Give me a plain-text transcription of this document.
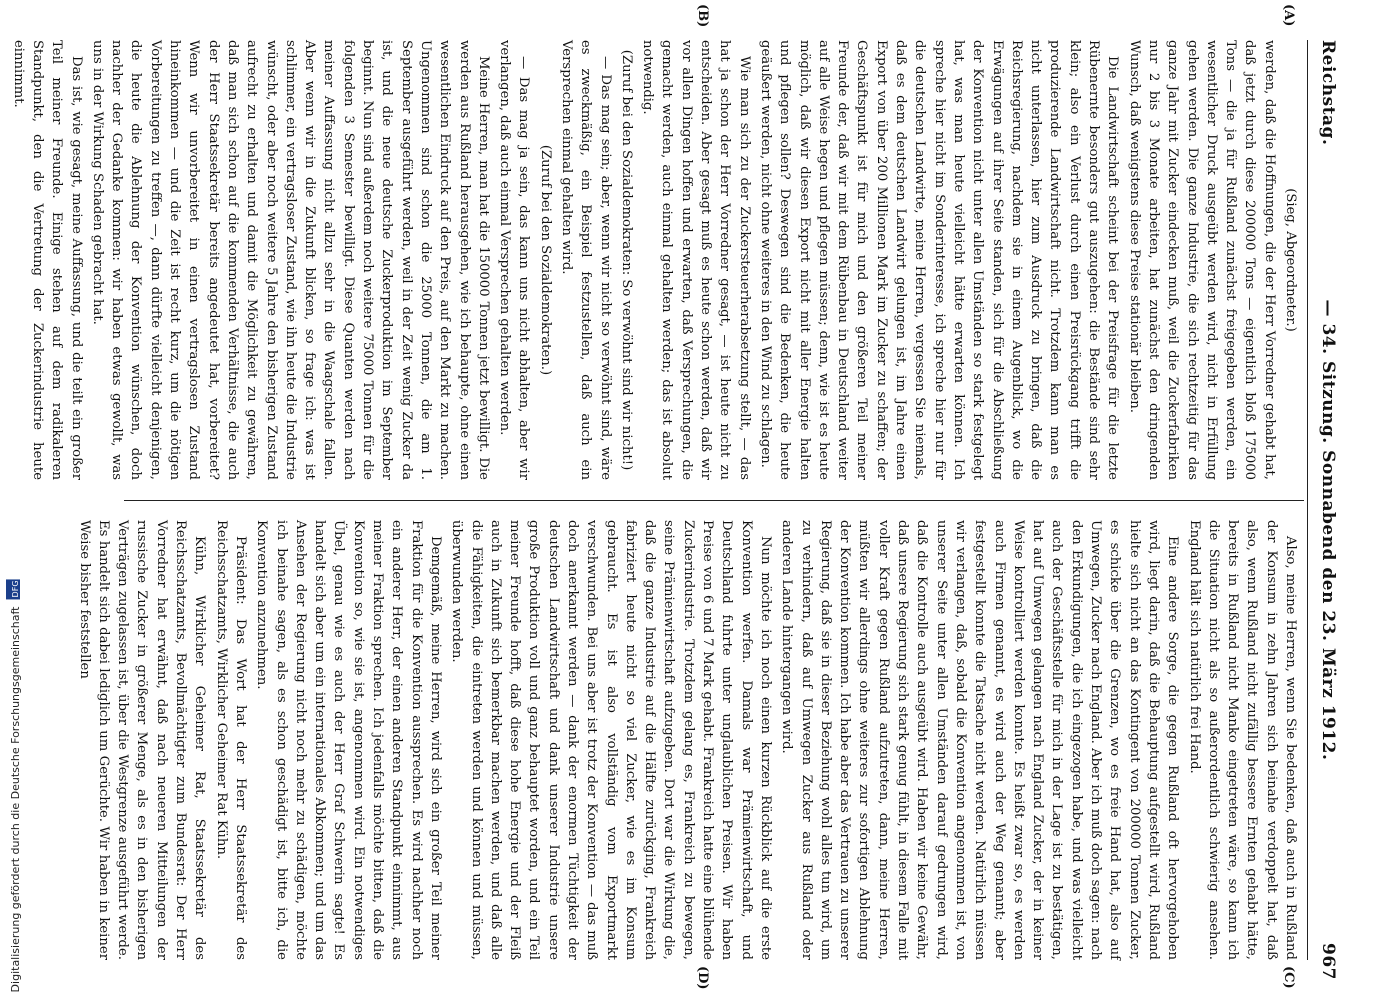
Reichstag.
— 34. Sitzung. Sonnabend den 23. März 1912.
967
(A)
(B)
(C)
(D)

(Sieg, Abgeordneter.)

werden, daß die Hoffnungen, die der Herr Vorredner gehabt hat, daß jetzt durch diese 200000 Tons — eigentlich bloß 175000 Tons — die ja für Rußland zunächst freigegeben werden, ein wesentlicher Druck ausgeübt werden wird, nicht in Erfüllung gehen werden. Die ganze Industrie, die sich rechtzeitig für das ganze Jahr mit Zucker eindecken muß, weil die Zuckerfabriken nur 2 bis 3 Monate arbeiten, hat zunächst den dringenden Wunsch, daß wenigstens diese Preise stationär bleiben.

Die Landwirtschaft scheint bei der Preisfrage für die letzte Rübenernte besonders gut auszugehen: die Bestände sind sehr klein; also ein Verlust durch einen Preisrückgang trifft die produzierende Landwirtschaft nicht. Trotzdem kann man es nicht unterlassen, hier zum Ausdruck zu bringen, daß die Reichsregierung, nachdem sie in einem Augenblick, wo die Erwägungen auf ihrer Seite standen, sich für die Abschließung der Konvention nicht unter allen Umständen so stark festgelegt hat, was man heute vielleicht hätte erwarten können. Ich spreche hier nicht im Sonderinteresse, ich spreche hier nur für die deutschen Landwirte, meine Herren, vergessen Sie niemals, daß es dem deutschen Landwirt gelungen ist, im Jahre einen Export von über 200 Millionen Mark im Zucker zu schaffen; der Geschäftspunkt ist für mich und den größeren Teil meiner Freunde der, daß wir mit dem Rübenbau in Deutschland weiter auf alle Weise hegen und pflegen müssen; denn, wie ist es heute möglich, daß wir diesen Export nicht mit aller Energie halten und pflegen sollen? Deswegen sind die Bedenken, die heute geäußert werden, nicht ohne weiteres in den Wind zu schlagen.

Wie man sich zu der Zuckersteuerherabsetzung stellt, — das hat ja schon der Herr Vorredner gesagt, — ist heute nicht zu entscheiden. Aber gesagt muß es heute schon werden, daß wir vor allen Dingen hoffen und erwarten, daß Versprechungen, die gemacht werden, auch einmal gehalten werden; das ist absolut notwendig.

(Zuruf bei den Sozialdemokraten: So verwöhnt sind wir nicht!)

— Das mag sein; aber, wenn wir nicht so verwöhnt sind, wäre es zweckmäßig, ein Beispiel festzustellen, daß auch ein Versprechen einmal gehalten wird.

(Zuruf bei den Sozialdemokraten.)

— Das mag ja sein, das kann uns nicht abhalten, aber wir verlangen, daß auch einmal Versprechen gehalten werden.

Meine Herren, man hat die 150000 Tonnen jetzt bewilligt. Die werden aus Rußland herausgehen, wie ich behaupte, ohne einen wesentlichen Eindruck auf den Preis, auf den Markt zu machen. Ungenommen sind schon die 25000 Tonnen, die am 1. September ausgeführt werden, weil in der Zeit wenig Zucker da ist, und die neue deutsche Zuckerproduktion im September beginnt. Nun sind außerdem noch weitere 75000 Tonnen für die folgenden 3 Semester bewilligt. Diese Quanten werden nach meiner Auffassung nicht allzu sehr in die Waagschale fallen. Aber wenn wir in die Zukunft blicken, so frage ich: was ist schlimmer, ein vertragsloser Zustand, wie ihn heute die Industrie wünscht, oder aber noch weitere 5 Jahre den bisherigen Zustand aufrecht zu erhalten und damit die Möglichkeit zu gewähren, daß man sich schon auf die kommenden Verhältnisse, die auch der Herr Staatssekretär bereits angedeutet hat, vorbereitet? Wenn wir unvorbereitet in einen vertragslosen Zustand hineinkommen — und die Zeit ist recht kurz, um die nötigen Vorbereitungen zu treffen —, dann dürfte vielleicht denjenigen, die heute die Ablehnung der Konvention wünschen, doch nachher der Gedanke kommen: wir haben etwas gewollt, was uns in der Wirkung Schaden gebracht hat.

Das ist, wie gesagt, meine Auffassung, und die teilt ein großer Teil meiner Freunde. Einige stehen auf dem radikaleren Standpunkt, den die Vertretung der Zuckerindustrie heute einnimmt.

Also, meine Herren, wenn Sie bedenken, daß auch in Rußland der Konsum in zehn Jahren sich beinahe verdoppelt hat, daß also, wenn Rußland nicht zufällig bessere Ernten gehabt hätte, bereits in Rußland nicht Manko eingetreten wäre, so kann ich die Situation nicht als so außerordentlich schwierig ansehen. England hält sich natürlich frei Hand.

Eine andere Sorge, die gegen Rußland oft hervorgehoben wird, liegt darin, daß die Behauptung aufgestellt wird, Rußland hielte sich nicht an das Kontingent von 200000 Tonnen Zucker, es schicke über die Grenzen, wo es freie Hand hat, also auf Umwegen, Zucker nach England. Aber ich muß doch sagen: nach den Erkundigungen, die ich eingezogen habe, und was vielleicht auch der Geschäftsstelle für mich in der Lage ist zu bestätigen, hat auf Umwegen gelangen nach England Zucker, der in keiner Weise kontrolliert werden konnte. Es heißt zwar so, es werden auch Firmen genannt, es wird auch der Weg genannt; aber festgestellt konnte die Tatsache nicht werden. Natürlich müssen wir verlangen, daß, sobald die Konvention angenommen ist, von unserer Seite unter allen Umständen darauf gedrungen wird, daß die Kontrolle auch ausgeübt wird. Haben wir keine Gewähr, daß unsere Regierung sich stark genug fühlt, in diesem Falle mit voller Kraft gegen Rußland aufzutreten, dann, meine Herren, müßten wir allerdings ohne weiteres zur sofortigen Ablehnung der Konvention kommen. Ich habe aber das Vertrauen zu unserer Regierung, daß sie in dieser Beziehung wohl alles tun wird, um zu verhindern, daß auf Umwegen Zucker aus Rußland oder anderen Lande hintergangen wird.

Nun möchte ich noch einen kurzen Rückblick auf die erste Konvention werfen. Damals war Prämienwirtschaft, und Deutschland fuhrte unter unglaublichen Preisen. Wir haben Preise von 6 und 7 Mark gehabt. Frankreich hatte eine blühende Zuckerindustrie. Trotzdem gelang es, Frankreich zu bewegen, seine Prämienwirtschaft aufzugeben. Dort war die Wirkung die, daß die ganze Industrie auf die Hälfte zurückging, Frankreich fabriziert heute nicht so viel Zucker, wie es im Konsum gebraucht. Es ist also vollständig vom Exportmarkt verschwunden. Bei uns aber ist trotz der Konvention — das muß doch anerkannt werden — dank der enormen Tüchtigkeit der deutschen Landwirtschaft und dank unserer Industrie unsere große Produktion voll und ganz behauptet worden, und ein Teil meiner Freunde hofft, daß diese hohe Energie und der Fleiß auch in Zukunft sich bemerkbar machen werden, und daß alle die Fähigkeiten, die eintreten werden und können und müssen, überwunden werden.

Demgemäß, meine Herren, wird sich ein großer Teil meiner Fraktion für die Konvention aussprechen. Es wird nachher noch ein anderer Herr, der einen anderen Standpunkt einnimmt, aus meiner Fraktion sprechen. Ich jedenfalls möchte bitten, daß die Konvention so, wie sie ist, angenommen wird. Ein notwendiges Übel, genau wie es auch der Herr Graf Schwerin sagte! Es handelt sich aber um ein internationales Abkommen; und um das Ansehen der Regierung nicht noch mehr zu schädigen, möchte ich beinahe sagen, als es schon geschädigt ist, bitte ich, die Konvention anzunehmen.

Präsident: Das Wort hat der Herr Staatssekretär des Reichsschatzamts, Wirklicher Geheimer Rat Kühn.

Kühn, Wirklicher Geheimer Rat, Staatssekretär des Reichsschatzamts, Bevollmächtigter zum Bundesrat: Der Herr Vorredner hat erwähnt, daß nach neueren Mitteilungen der russische Zucker in größerer Menge, als es in den bisherigen Verträgen zugelassen ist, über die Westgrenze ausgeführt werde. Es handelt sich dabei lediglich um Gerüchte. Wir haben in keiner Weise bisher feststellen

Digitalisierung gefördert durch die Deutsche Forschungsgemeinschaft DFG
